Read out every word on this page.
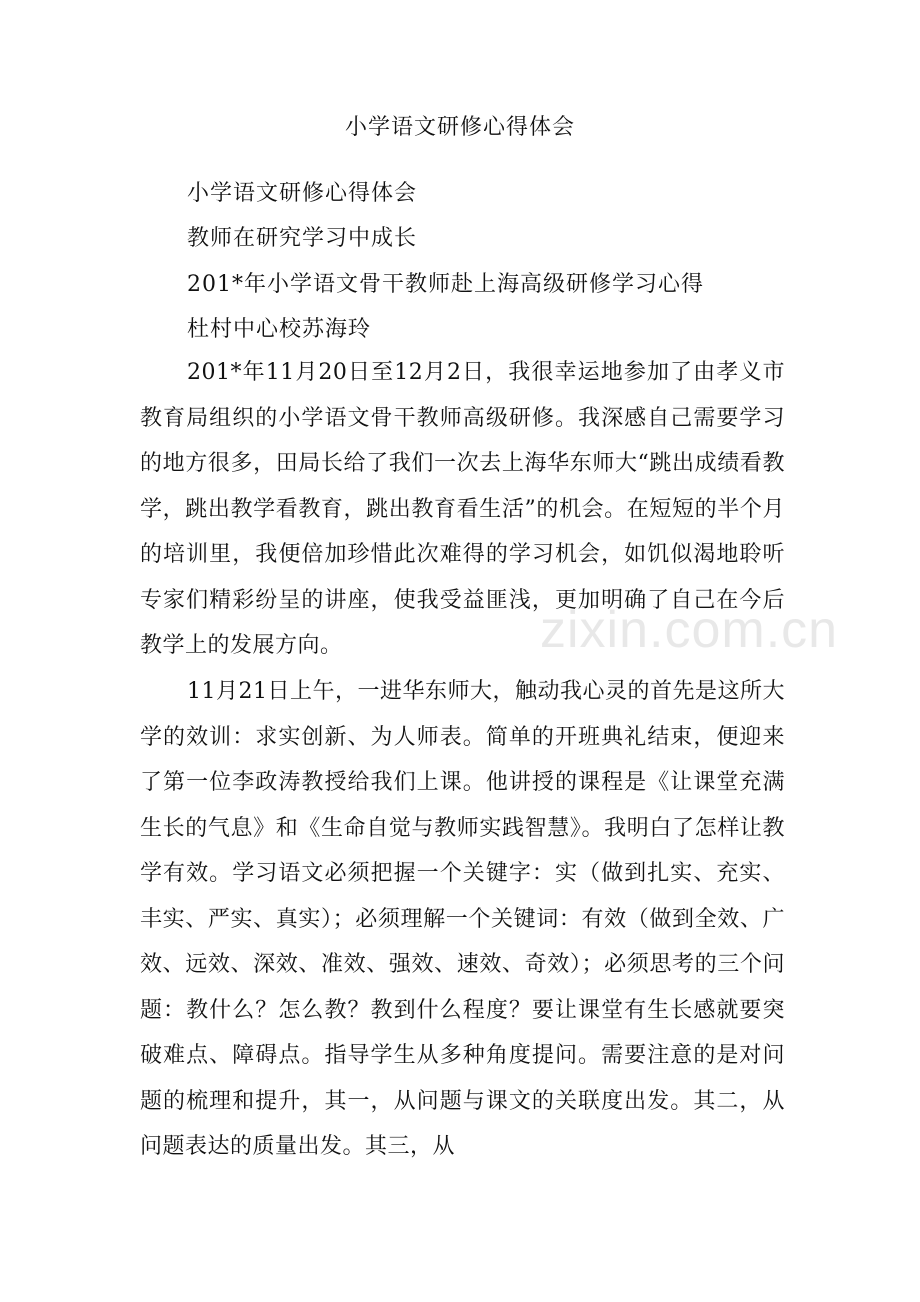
小学语文研修心得体会
小学语文研修心得体会
教师在研究学习中成长
201*年小学语文骨干教师赴上海高级研修学习心得
杜村中心校苏海玲

201*年11月20日至12月2日，我很幸运地参加了由孝义市教育局组织的小学语文骨干教师高级研修。我深感自己需要学习的地方很多，田局长给了我们一次去上海华东师大“跳出成绩看教学，跳出教学看教育，跳出教育看生活”的机会。在短短的半个月的培训里，我便倍加珍惜此次难得的学习机会，如饥似渴地聆听专家们精彩纷呈的讲座，使我受益匪浅，更加明确了自己在今后教学上的发展方向。

11月21日上午，一进华东师大，触动我心灵的首先是这所大学的效训：求实创新、为人师表。简单的开班典礼结束，便迎来了第一位李政涛教授给我们上课。他讲授的课程是《让课堂充满生长的气息》和《生命自觉与教师实践智慧》。我明白了怎样让教学有效。学习语文必须把握一个关键字：实（做到扎实、充实、丰实、严实、真实）；必须理解一个关键词：有效（做到全效、广效、远效、深效、准效、强效、速效、奇效）；必须思考的三个问题：教什么？怎么教？教到什么程度？要让课堂有生长感就要突破难点、障碍点。指导学生从多种角度提问。需要注意的是对问题的梳理和提升，其一，从问题与课文的关联度出发。其二，从问题表达的质量出发。其三，从

zixin.com.cn
